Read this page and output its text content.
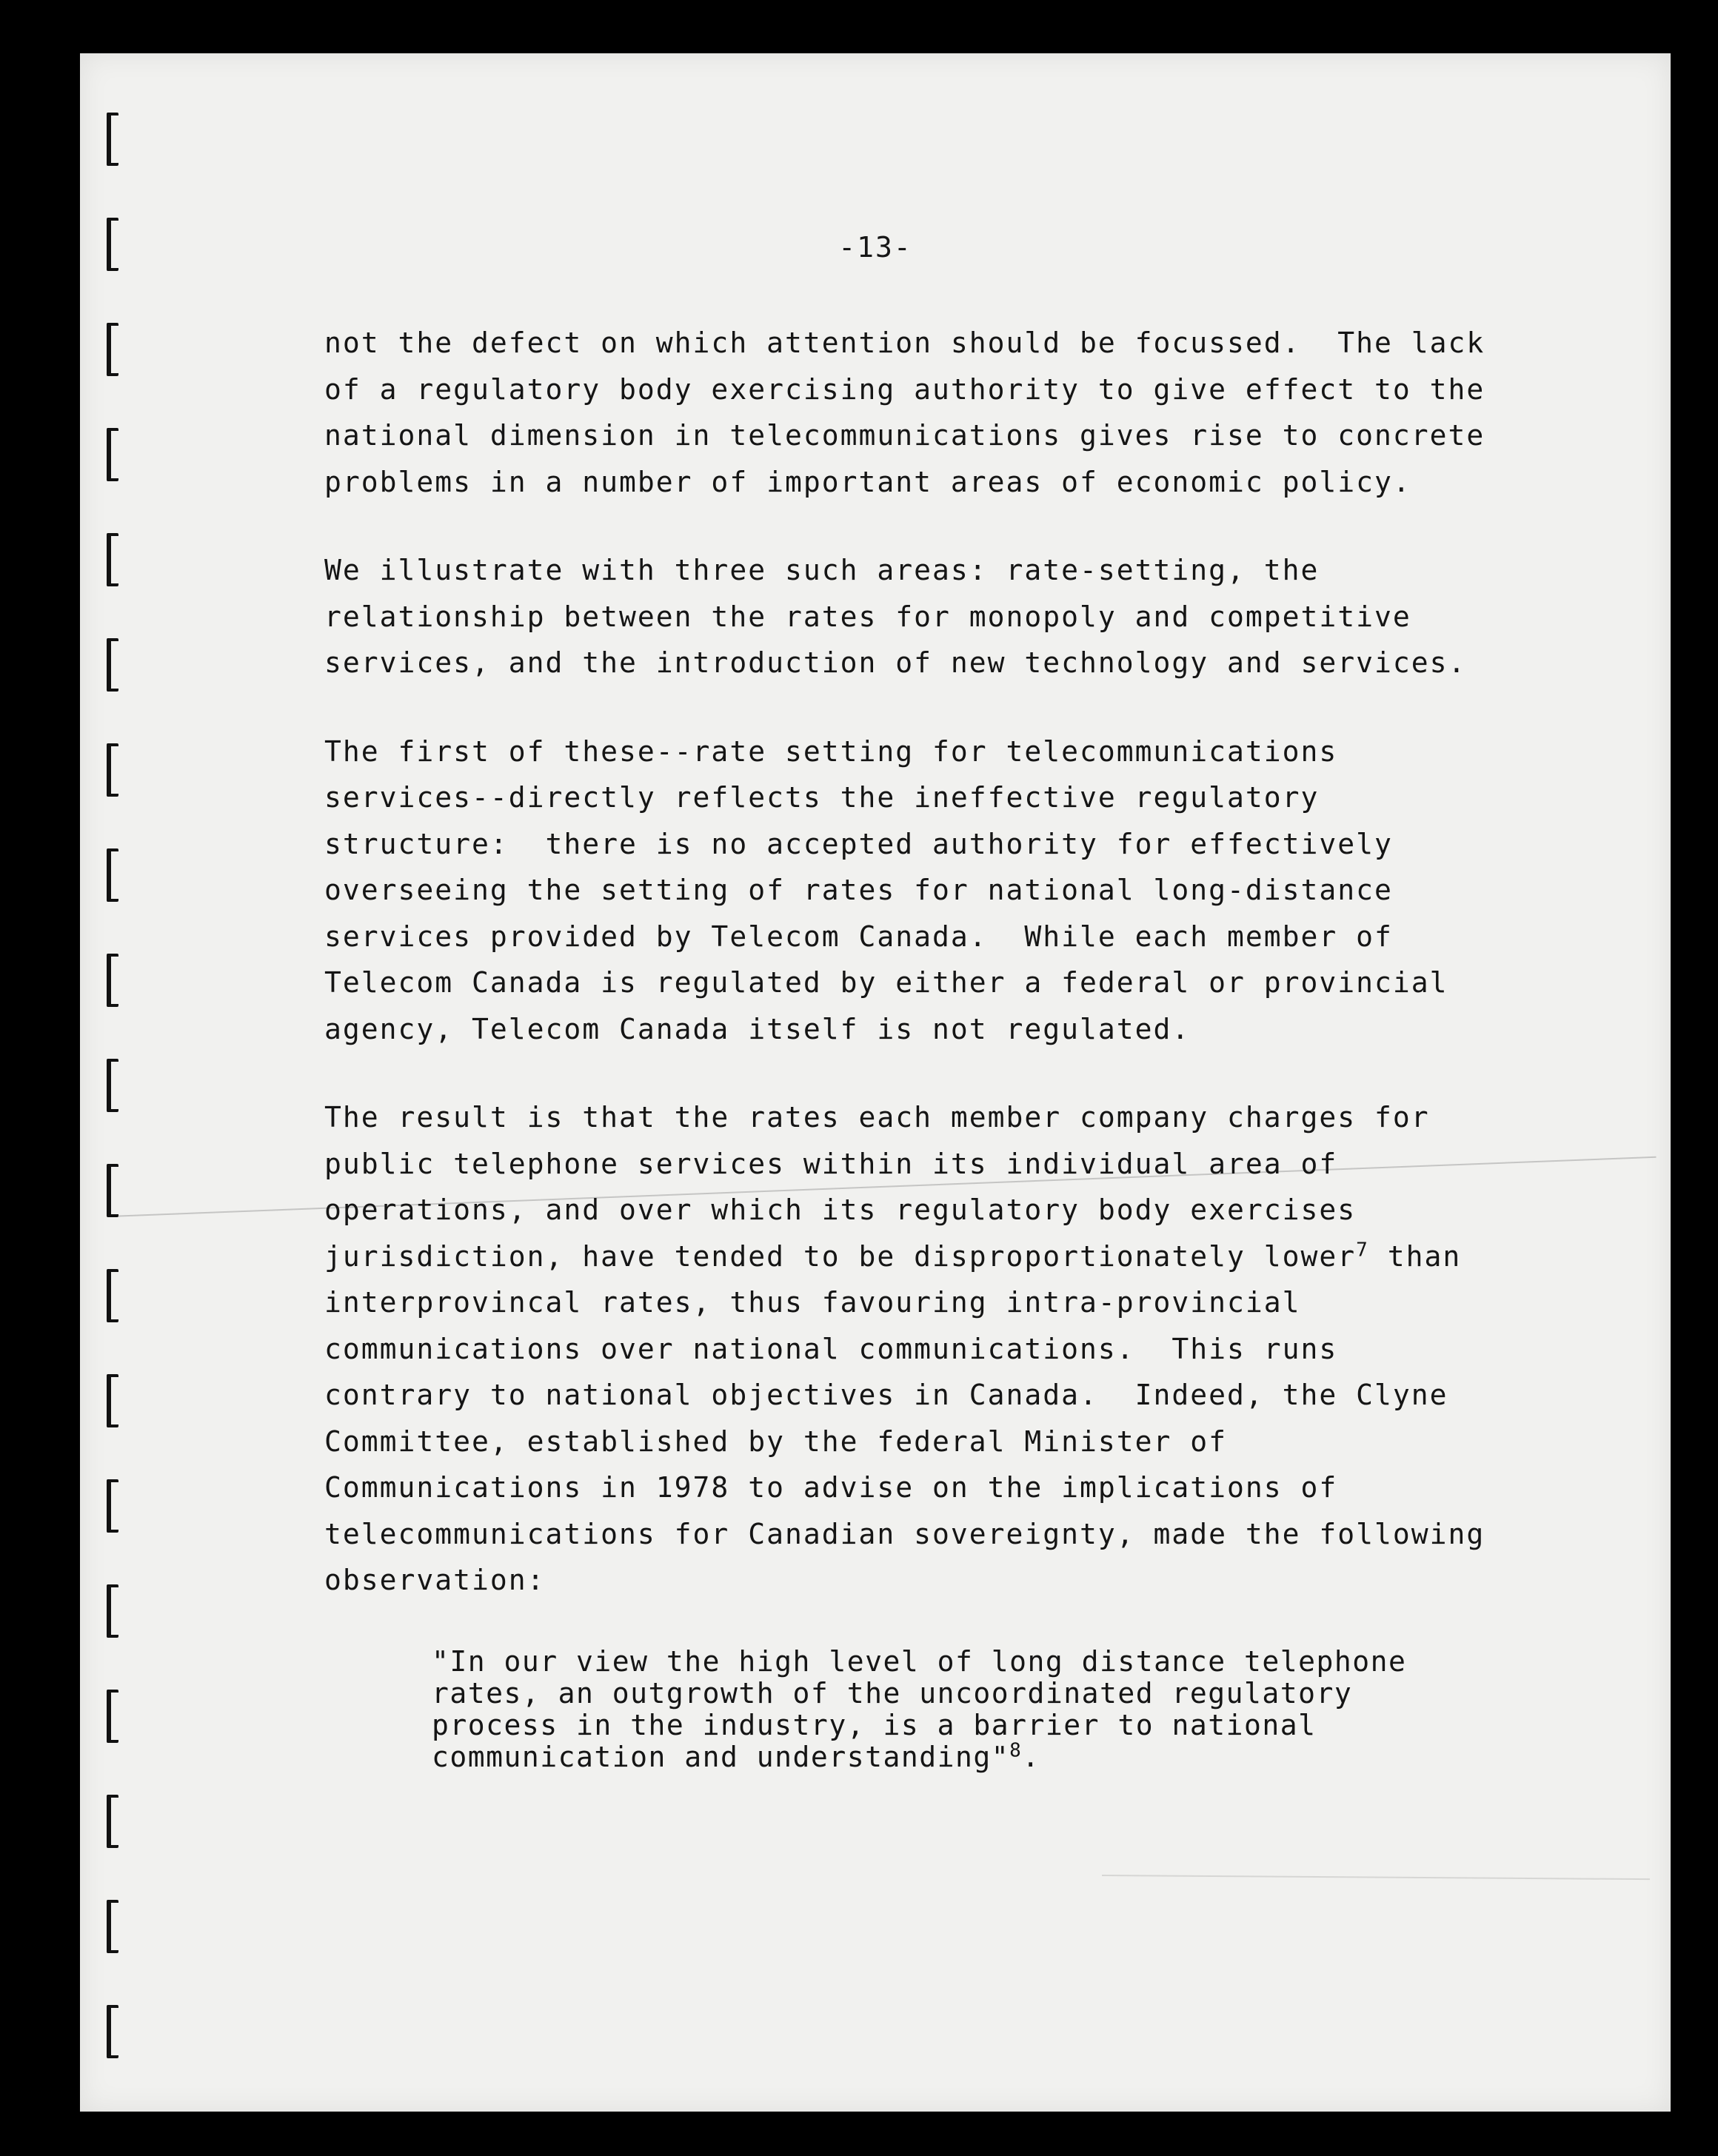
-13-
not the defect on which attention should be focussed.  The lack
of a regulatory body exercising authority to give effect to the
national dimension in telecommunications gives rise to concrete
problems in a number of important areas of economic policy.
We illustrate with three such areas: rate-setting, the
relationship between the rates for monopoly and competitive
services, and the introduction of new technology and services.
The first of these--rate setting for telecommunications
services--directly reflects the ineffective regulatory
structure:  there is no accepted authority for effectively
overseeing the setting of rates for national long-distance
services provided by Telecom Canada.  While each member of
Telecom Canada is regulated by either a federal or provincial
agency, Telecom Canada itself is not regulated.
The result is that the rates each member company charges for
public telephone services within its individual area of
operations, and over which its regulatory body exercises
jurisdiction, have tended to be disproportionately lower$^7$ than
interprovincal rates, thus favouring intra-provincial
communications over national communications.  This runs
contrary to national objectives in Canada.  Indeed, the Clyne
Committee, established by the federal Minister of
Communications in 1978 to advise on the implications of
telecommunications for Canadian sovereignty, made the following
observation:
"In our view the high level of long distance telephone
rates, an outgrowth of the uncoordinated regulatory
process in the industry, is a barrier to national
communication and understanding"$^8$.
